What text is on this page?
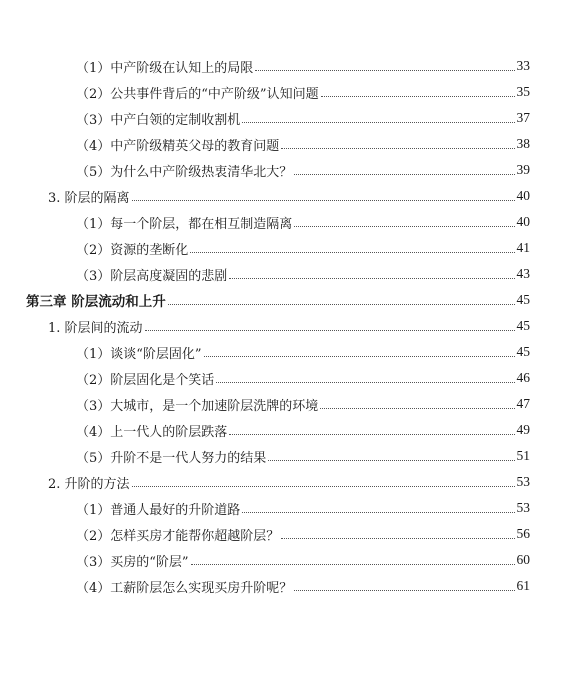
（1）中产阶级在认知上的局限	33
（2）公共事件背后的“中产阶级”认知问题	35
（3）中产白领的定制收割机	37
（4）中产阶级精英父母的教育问题	38
（5）为什么中产阶级热衷清华北大？	39
3. 阶层的隔离	40
（1）每一个阶层，都在相互制造隔离	40
（2）资源的垄断化	41
（3）阶层高度凝固的悲剧	43
第三章 阶层流动和上升	45
1. 阶层间的流动	45
（1）谈谈“阶层固化”	45
（2）阶层固化是个笑话	46
（3）大城市，是一个加速阶层洗牌的环境	47
（4）上一代人的阶层跌落	49
（5）升阶不是一代人努力的结果	51
2. 升阶的方法	53
（1）普通人最好的升阶道路	53
（2）怎样买房才能帮你超越阶层？	56
（3）买房的“阶层”	60
（4）工薪阶层怎么实现买房升阶呢？	61
